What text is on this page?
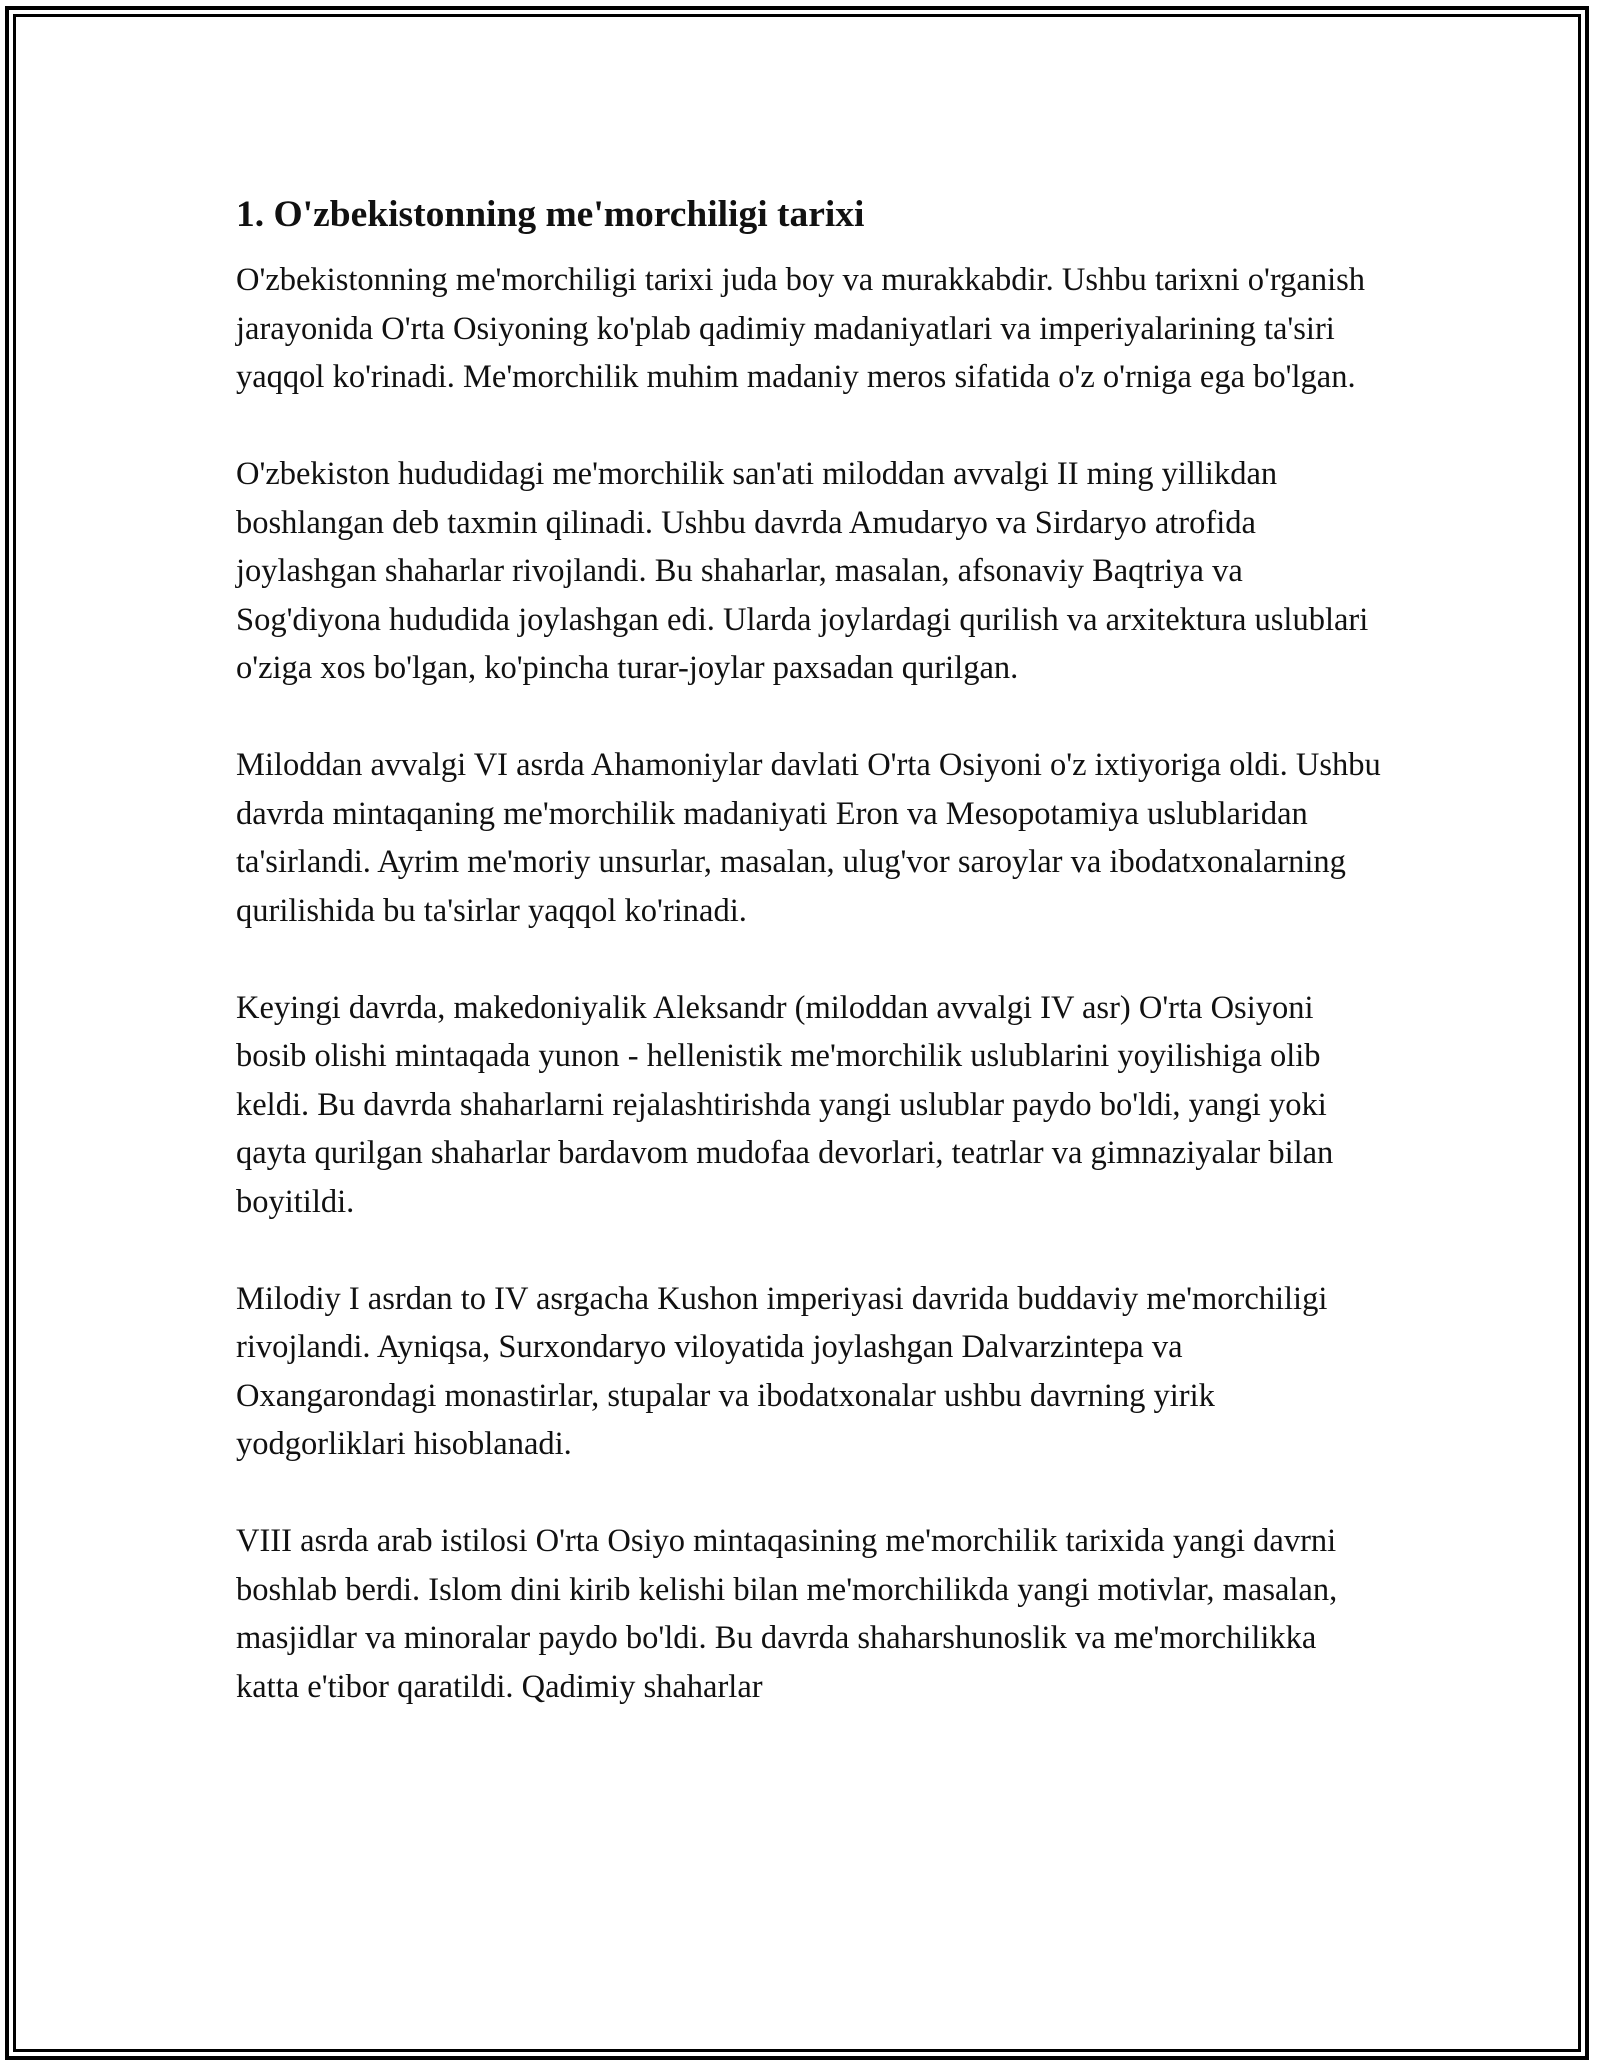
1. O'zbekistonning me'morchiligi tarixi

O'zbekistonning me'morchiligi tarixi juda boy va murakkabdir. Ushbu tarixni o'rganish jarayonida O'rta Osiyoning ko'plab qadimiy madaniyatlari va imperiyalarining ta'siri yaqqol ko'rinadi. Me'morchilik muhim madaniy meros sifatida o'z o'rniga ega bo'lgan.

O'zbekiston hududidagi me'morchilik san'ati miloddan avvalgi II ming yillikdan boshlangan deb taxmin qilinadi. Ushbu davrda Amudaryo va Sirdaryo atrofida joylashgan shaharlar rivojlandi. Bu shaharlar, masalan, afsonaviy Baqtriya va Sog'diyona hududida joylashgan edi. Ularda joylardagi qurilish va arxitektura uslublari o'ziga xos bo'lgan, ko'pincha turar-joylar paxsadan qurilgan.

Miloddan avvalgi VI asrda Ahamoniylar davlati O'rta Osiyoni o'z ixtiyoriga oldi. Ushbu davrda mintaqaning me'morchilik madaniyati Eron va Mesopotamiya uslublaridan ta'sirlandi. Ayrim me'moriy unsurlar, masalan, ulug'vor saroylar va ibodatxonalarning qurilishida bu ta'sirlar yaqqol ko'rinadi.

Keyingi davrda, makedoniyalik Aleksandr (miloddan avvalgi IV asr) O'rta Osiyoni bosib olishi mintaqada yunon - hellenistik me'morchilik uslublarini yoyilishiga olib keldi. Bu davrda shaharlarni rejalashtirishda yangi uslublar paydo bo'ldi, yangi yoki qayta qurilgan shaharlar bardavom mudofaa devorlari, teatrlar va gimnaziyalar bilan boyitildi.

Milodiy I asrdan to IV asrgacha Kushon imperiyasi davrida buddaviy me'morchiligi rivojlandi. Ayniqsa, Surxondaryo viloyatida joylashgan Dalvarzintepa va Oxangarondagi monastirlar, stupalar va ibodatxonalar ushbu davrning yirik yodgorliklari hisoblanadi.

VIII asrda arab istilosi O'rta Osiyo mintaqasining me'morchilik tarixida yangi davrni boshlab berdi. Islom dini kirib kelishi bilan me'morchilikda yangi motivlar, masalan, masjidlar va minoralar paydo bo'ldi. Bu davrda shaharshunoslik va me'morchilikka katta e'tibor qaratildi. Qadimiy shaharlar
